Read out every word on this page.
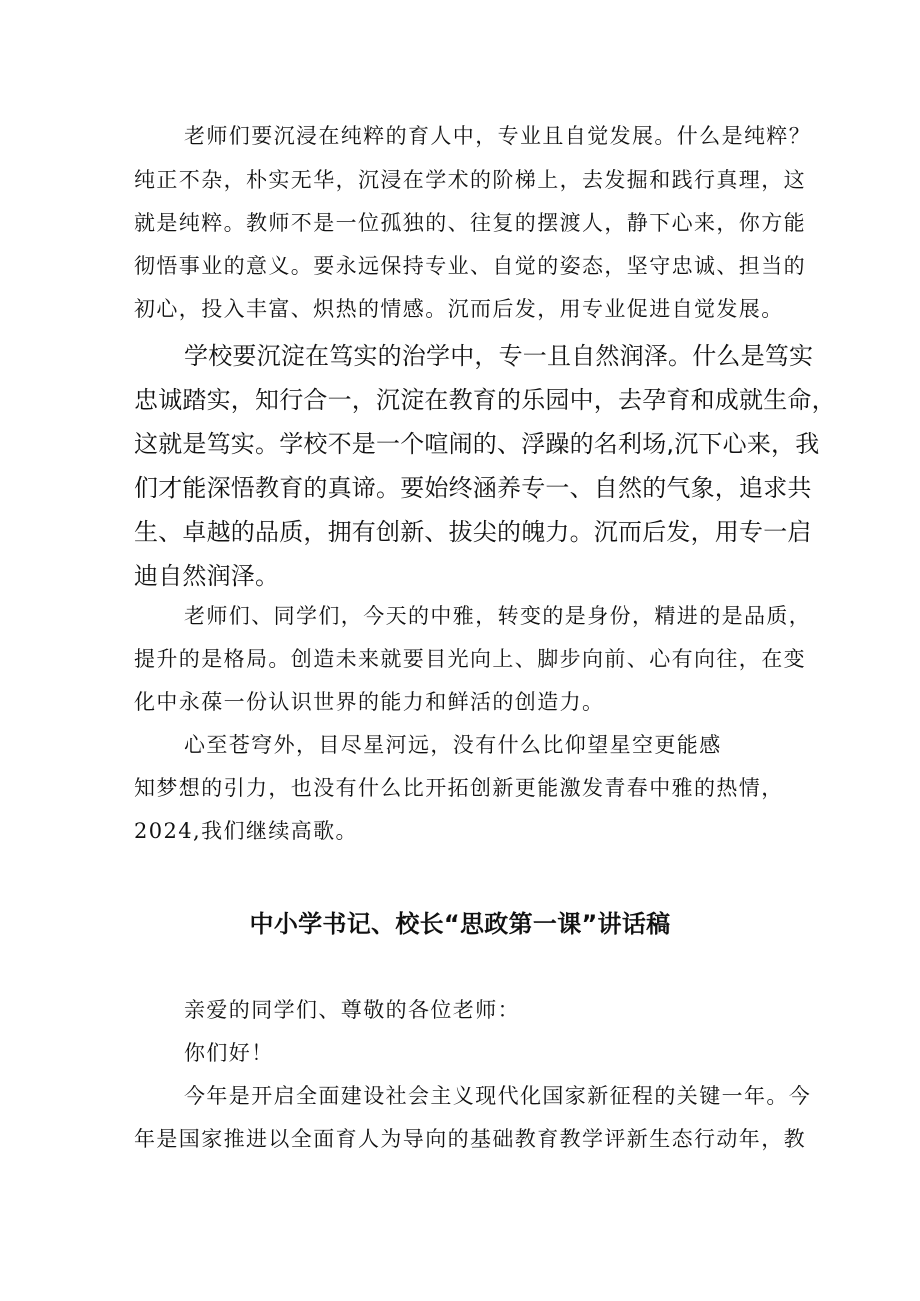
老师们要沉浸在纯粹的育人中，专业且自觉发展。什么是纯粹？

纯正不杂，朴实无华，沉浸在学术的阶梯上，去发掘和践行真理，这

就是纯粹。教师不是一位孤独的、往复的摆渡人，静下心来，你方能

彻悟事业的意义。要永远保持专业、自觉的姿态，坚守忠诚、担当的

初心，投入丰富、炽热的情感。沉而后发，用专业促进自觉发展。

学校要沉淀在笃实的治学中，专一且自然润泽。什么是笃实

忠诚踏实，知行合一，沉淀在教育的乐园中，去孕育和成就生命，

这就是笃实。学校不是一个喧闹的、浮躁的名利场,沉下心来，我

们才能深悟教育的真谛。要始终涵养专一、自然的气象，追求共

生、卓越的品质，拥有创新、拔尖的魄力。沉而后发，用专一启

迪自然润泽。

老师们、同学们，今天的中雅，转变的是身份，精进的是品质，

提升的是格局。创造未来就要目光向上、脚步向前、心有向往，在变

化中永葆一份认识世界的能力和鲜活的创造力。

心至苍穹外，目尽星河远，没有什么比仰望星空更能感

知梦想的引力，也没有什么比开拓创新更能激发青春中雅的热情，

2024,我们继续高歌。

中小学书记、校长“思政第一课”讲话稿

亲爱的同学们、尊敬的各位老师：

你们好！

今年是开启全面建设社会主义现代化国家新征程的关键一年。今

年是国家推进以全面育人为导向的基础教育教学评新生态行动年，教
